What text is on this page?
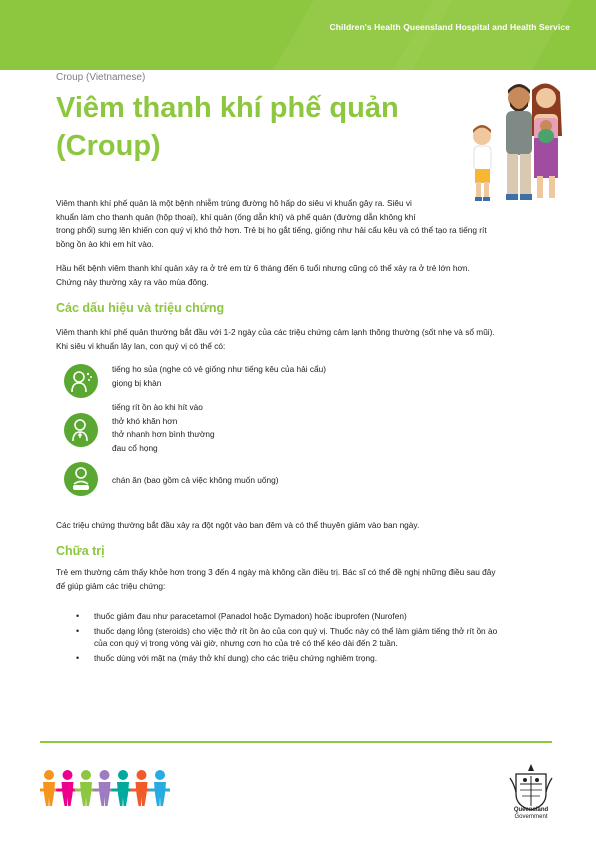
Children's Health Queensland Hospital and Health Service
Croup (Vietnamese)
Viêm thanh khí phế quản
(Croup)
Viêm thanh khí phế quản là một bệnh nhiễm trùng đường hô hấp do siêu vi khuẩn gây ra. Siêu vi
khuẩn làm cho thanh quản (hộp thoại), khí quản (ống dẫn khí) và phế quản (đường dẫn không khí
trong phổi) sưng lên khiến con quý vị khó thở hơn. Trẻ bị ho gắt tiếng, giống như hải cẩu kêu và có thể tạo ra tiếng rít
bồng ồn ào khi em hít vào.
Hầu hết bệnh viêm thanh khí quản xảy ra ở trẻ em từ 6 tháng đến 6 tuổi nhưng cũng có thể xảy ra ở trẻ lớn hơn.
Chứng này thường xảy ra vào mùa đông.
Các dấu hiệu và triệu chứng
Viêm thanh khí phế quản thường bắt đầu với 1-2 ngày của các triệu chứng cảm lạnh thông thường (sốt nhẹ và sổ mũi).
Khi siêu vi khuẩn lây lan, con quý vị có thể có:
tiếng ho sủa (nghe có vẻ giống như tiếng kêu của hải cẩu)
giọng bị khàn
tiếng rít ồn ào khi hít vào
thở khó khăn hơn
thở nhanh hơn bình thường
đau cổ họng
chán ăn (bao gồm cả việc không muốn uống)
Các triệu chứng thường bắt đầu xảy ra đột ngột vào ban đêm và có thể thuyên giảm vào ban ngày.
Chữa trị
Trẻ em thường cảm thấy khỏe hơn trong 3 đến 4 ngày mà không cần điều trị. Bác sĩ có thể đề nghị những điều sau đây
để giúp giảm các triệu chứng:
• thuốc giảm đau như paracetamol (Panadol hoặc Dymadon) hoặc ibuprofen (Nurofen)
• thuốc dạng lỏng (steroids) cho việc thở rít ồn ào của con quý vị. Thuốc này có thể làm giảm tiếng thở rít ồn ào
của con quý vị trong vòng vài giờ, nhưng cơn ho của trẻ có thể kéo dài đến 2 tuần.
• thuốc dùng với mặt nạ (máy thở khí dung) cho các triệu chứng nghiêm trọng.
Queensland
Government
